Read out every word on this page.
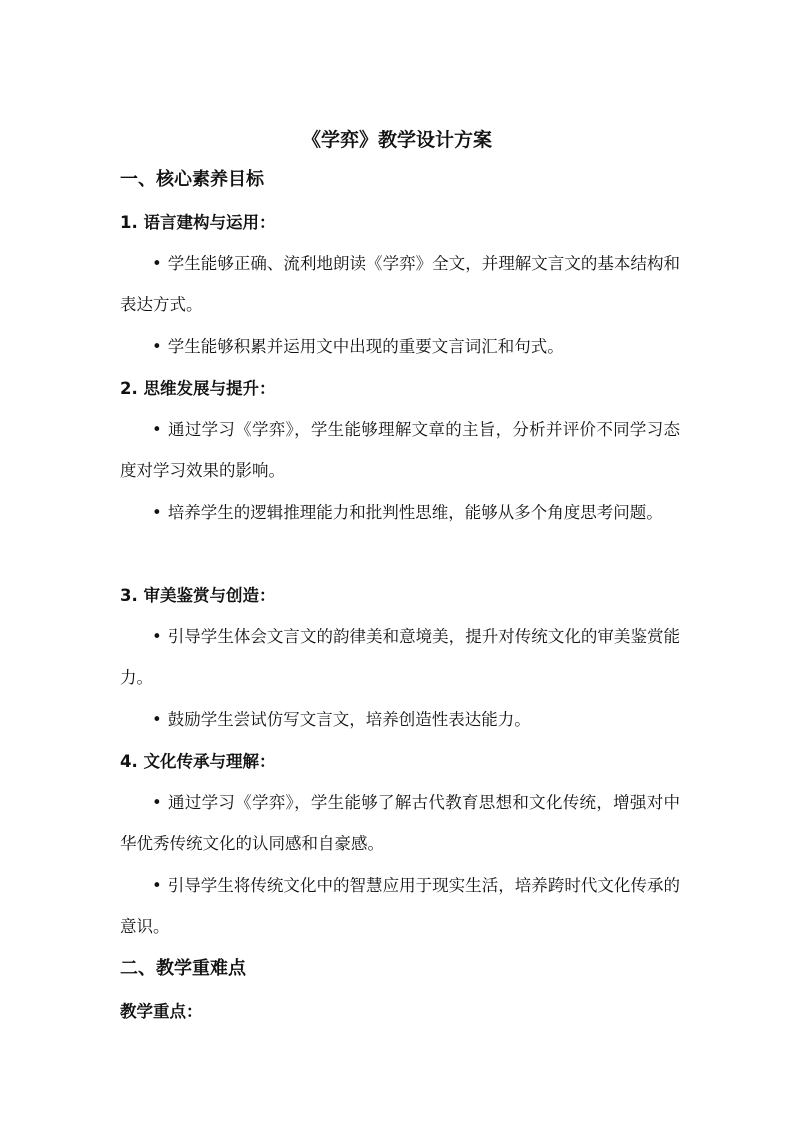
《学弈》教学设计方案
一、核心素养目标
1. 语言建构与运用：

• 学生能够正确、流利地朗读《学弈》全文，并理解文言文的基本结构和表达方式。

• 学生能够积累并运用文中出现的重要文言词汇和句式。

2. 思维发展与提升：

• 通过学习《学弈》，学生能够理解文章的主旨，分析并评价不同学习态度对学习效果的影响。

• 培养学生的逻辑推理能力和批判性思维，能够从多个角度思考问题。

3. 审美鉴赏与创造：

• 引导学生体会文言文的韵律美和意境美，提升对传统文化的审美鉴赏能力。

• 鼓励学生尝试仿写文言文，培养创造性表达能力。

4. 文化传承与理解：

• 通过学习《学弈》，学生能够了解古代教育思想和文化传统，增强对中华优秀传统文化的认同感和自豪感。

• 引导学生将传统文化中的智慧应用于现实生活，培养跨时代文化传承的意识。

二、教学重难点
教学重点：
